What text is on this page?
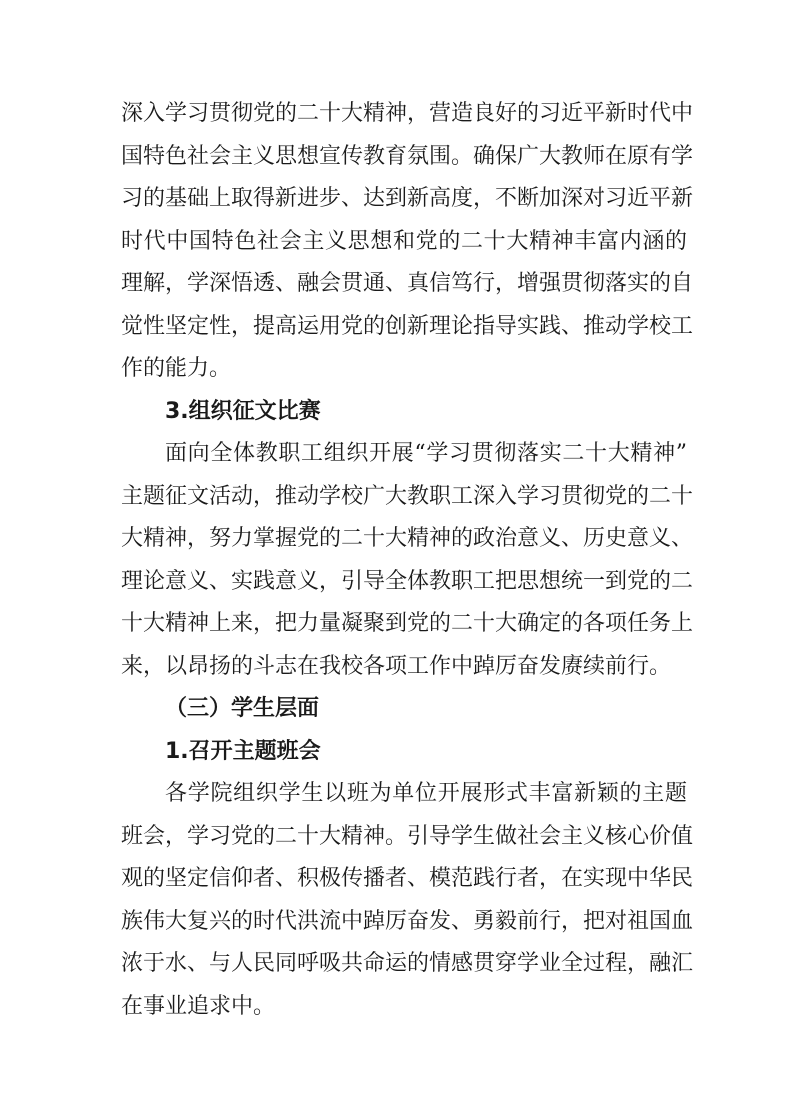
深入学习贯彻党的二十大精神，营造良好的习近平新时代中
国特色社会主义思想宣传教育氛围。确保广大教师在原有学
习的基础上取得新进步、达到新高度，不断加深对习近平新
时代中国特色社会主义思想和党的二十大精神丰富内涵的
理解，学深悟透、融会贯通、真信笃行，增强贯彻落实的自
觉性坚定性，提高运用党的创新理论指导实践、推动学校工
作的能力。
3.组织征文比赛
面向全体教职工组织开展“学习贯彻落实二十大精神”
主题征文活动，推动学校广大教职工深入学习贯彻党的二十
大精神，努力掌握党的二十大精神的政治意义、历史意义、
理论意义、实践意义，引导全体教职工把思想统一到党的二
十大精神上来，把力量凝聚到党的二十大确定的各项任务上
来，以昂扬的斗志在我校各项工作中踔厉奋发赓续前行。
（三）学生层面
1.召开主题班会
各学院组织学生以班为单位开展形式丰富新颖的主题
班会，学习党的二十大精神。引导学生做社会主义核心价值
观的坚定信仰者、积极传播者、模范践行者，在实现中华民
族伟大复兴的时代洪流中踔厉奋发、勇毅前行，把对祖国血
浓于水、与人民同呼吸共命运的情感贯穿学业全过程，融汇
在事业追求中。
